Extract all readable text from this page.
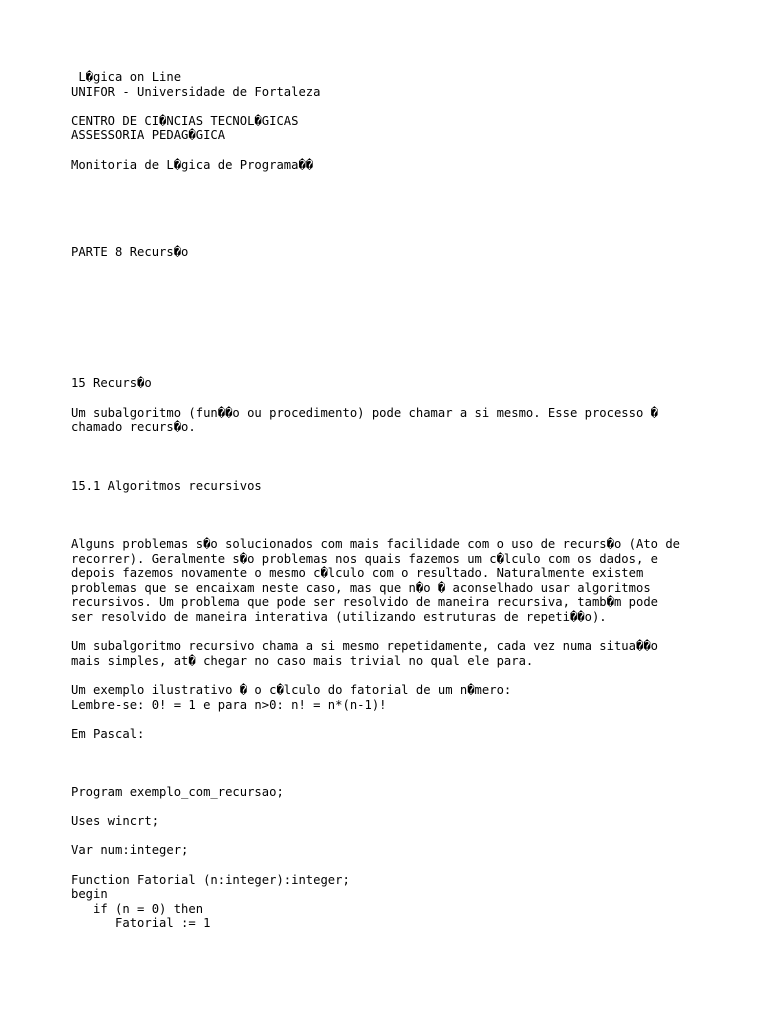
L�gica on Line
UNIFOR - Universidade de Fortaleza

CENTRO DE CI�NCIAS TECNOL�GICAS
ASSESSORIA PEDAG�GICA

Monitoria de L�gica de Programa��

PARTE 8 Recurs�o

15 Recurs�o

Um subalgoritmo (fun��o ou procedimento) pode chamar a si mesmo. Esse processo �
chamado recurs�o.

15.1 Algoritmos recursivos

Alguns problemas s�o solucionados com mais facilidade com o uso de recurs�o (Ato de
recorrer). Geralmente s�o problemas nos quais fazemos um c�lculo com os dados, e
depois fazemos novamente o mesmo c�lculo com o resultado. Naturalmente existem
problemas que se encaixam neste caso, mas que n�o � aconselhado usar algoritmos
recursivos. Um problema que pode ser resolvido de maneira recursiva, tamb�m pode
ser resolvido de maneira interativa (utilizando estruturas de repeti��o).

Um subalgoritmo recursivo chama a si mesmo repetidamente, cada vez numa situa��o
mais simples, at� chegar no caso mais trivial no qual ele para.

Um exemplo ilustrativo � o c�lculo do fatorial de um n�mero:
Lembre-se: 0! = 1 e para n>0: n! = n*(n-1)!

Em Pascal:

Program exemplo_com_recursao;

Uses wincrt;

Var num:integer;

Function Fatorial (n:integer):integer;
begin
if (n = 0) then
Fatorial := 1
